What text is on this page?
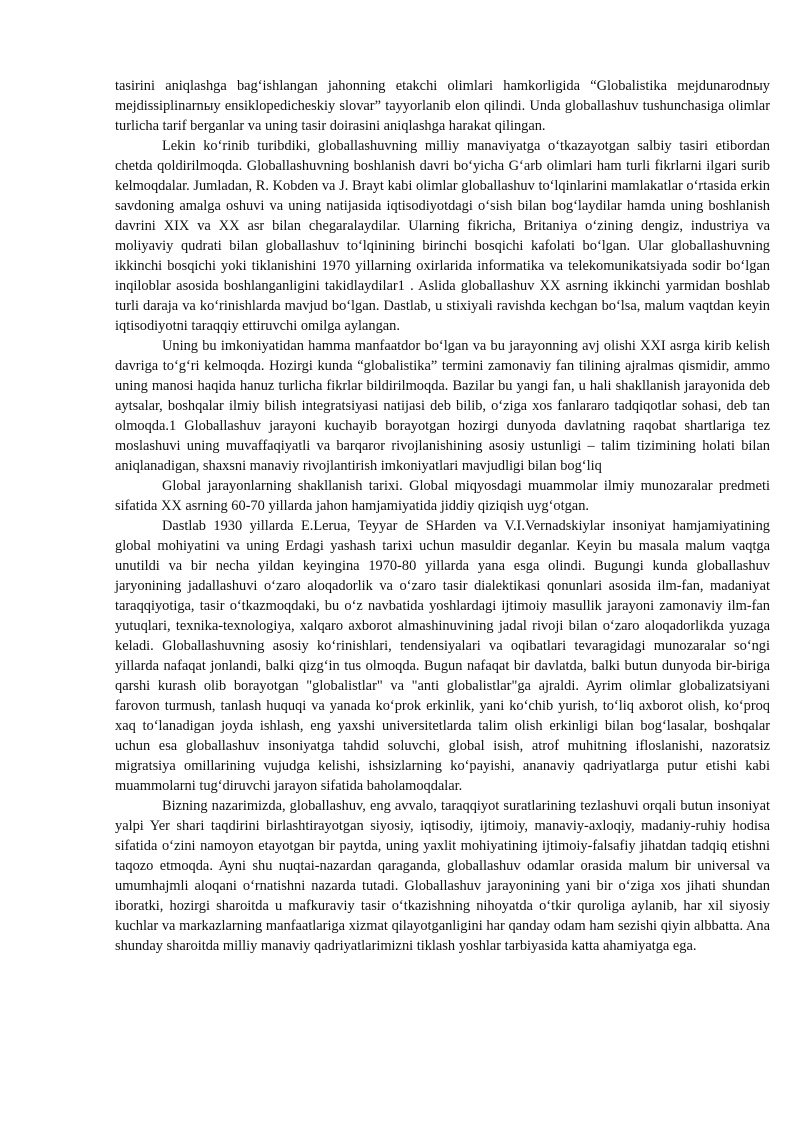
tasirini aniqlashga bag‘ishlangan jahonning etakchi olimlari hamkorligida “Globalistika mejdunarodnыy mejdissiplinarnыy ensiklopedicheskiy slovar” tayyorlanib elon qilindi. Unda globallashuv tushunchasiga olimlar turlicha tarif berganlar va uning tasir doirasini aniqlashga harakat qilingan.

Lekin ko‘rinib turibdiki, globallashuvning milliy manaviyatga o‘tkazayotgan salbiy tasiri etibordan chetda qoldirilmoqda. Globallashuvning boshlanish davri bo‘yicha G‘arb olimlari ham turli fikrlarni ilgari surib kelmoqdalar. Jumladan, R. Kobden va J. Brayt kabi olimlar globallashuv to‘lqinlarini mamlakatlar o‘rtasida erkin savdoning amalga oshuvi va uning natijasida iqtisodiyotdagi o‘sish bilan bog‘laydilar hamda uning boshlanish davrini XIX va XX asr bilan chegaralaydilar. Ularning fikricha, Britaniya o‘zining dengiz, industriya va moliyaviy qudrati bilan globallashuv to‘lqinining birinchi bosqichi kafolati bo‘lgan. Ular globallashuvning ikkinchi bosqichi yoki tiklanishini 1970 yillarning oxirlarida informatika va telekomunikatsiyada sodir bo‘lgan inqiloblar asosida boshlanganligini takidlaydilar1 . Aslida globallashuv XX asrning ikkinchi yarmidan boshlab turli daraja va ko‘rinishlarda mavjud bo‘lgan. Dastlab, u stixiyali ravishda kechgan bo‘lsa, malum vaqtdan keyin iqtisodiyotni taraqqiy ettiruvchi omilga aylangan.

Uning bu imkoniyatidan hamma manfaatdor bo‘lgan va bu jarayonning avj olishi XXI asrga kirib kelish davriga to‘g‘ri kelmoqda. Hozirgi kunda “globalistika” termini zamonaviy fan tilining ajralmas qismidir, ammo uning manosi haqida hanuz turlicha fikrlar bildirilmoqda. Bazilar bu yangi fan, u hali shakllanish jarayonida deb aytsalar, boshqalar ilmiy bilish integratsiyasi natijasi deb bilib, o‘ziga xos fanlararo tadqiqotlar sohasi, deb tan olmoqda.1 Globallashuv jarayoni kuchayib borayotgan hozirgi dunyoda davlatning raqobat shartlariga tez moslashuvi uning muvaffaqiyatli va barqaror rivojlanishining asosiy ustunligi – talim tizimining holati bilan aniqlanadigan, shaxsni manaviy rivojlantirish imkoniyatlari mavjudligi bilan bog‘liq

Global jarayonlarning shakllanish tarixi. Global miqyosdagi muammolar ilmiy munozaralar predmeti sifatida XX asrning 60-70 yillarda jahon hamjamiyatida jiddiy qiziqish uyg‘otgan.

Dastlab 1930 yillarda E.Lerua, Teyyar de SHarden va V.I.Vernadskiylar insoniyat hamjamiyatining global mohiyatini va uning Erdagi yashash tarixi uchun masuldir deganlar. Keyin bu masala malum vaqtga unutildi va bir necha yildan keyingina 1970-80 yillarda yana esga olindi. Bugungi kunda globallashuv jaryonining jadallashuvi o‘zaro aloqadorlik va o‘zaro tasir dialektikasi qonunlari asosida ilm-fan, madaniyat taraqqiyotiga, tasir o‘tkazmoqdaki, bu o‘z navbatida yoshlardagi ijtimoiy masullik jarayoni zamonaviy ilm-fan yutuqlari, texnika-texnologiya, xalqaro axborot almashinuvining jadal rivoji bilan o‘zaro aloqadorlikda yuzaga keladi. Globallashuvning asosiy ko‘rinishlari, tendensiyalari va oqibatlari tevaragidagi munozaralar so‘ngi yillarda nafaqat jonlandi, balki qizg‘in tus olmoqda. Bugun nafaqat bir davlatda, balki butun dunyoda bir-biriga qarshi kurash olib borayotgan "globalistlar" va "anti globalistlar"ga ajraldi. Ayrim olimlar globalizatsiyani farovon turmush, tanlash huquqi va yanada ko‘prok erkinlik, yani ko‘chib yurish, to‘liq axborot olish, ko‘proq xaq to‘lanadigan joyda ishlash, eng yaxshi universitetlarda talim olish erkinligi bilan bog‘lasalar, boshqalar uchun esa globallashuv insoniyatga tahdid soluvchi, global isish, atrof muhitning ifloslanishi, nazoratsiz migratsiya omillarining vujudga kelishi, ishsizlarning ko‘payishi, ananaviy qadriyatlarga putur etishi kabi muammolarni tug‘diruvchi jarayon sifatida baholamoqdalar.

Bizning nazarimizda, globallashuv, eng avvalo, taraqqiyot suratlarining tezlashuvi orqali butun insoniyat yalpi Yer shari taqdirini birlashtirayotgan siyosiy, iqtisodiy, ijtimoiy, manaviy-axloqiy, madaniy-ruhiy hodisa sifatida o‘zini namoyon etayotgan bir paytda, uning yaxlit mohiyatining ijtimoiy-falsafiy jihatdan tadqiq etishni taqozo etmoqda. Ayni shu nuqtai-nazardan qaraganda, globallashuv odamlar orasida malum bir universal va umumhajmli aloqani o‘rnatishni nazarda tutadi. Globallashuv jarayonining yani bir o‘ziga xos jihati shundan iboratki, hozirgi sharoitda u mafkuraviy tasir o‘tkazishning nihoyatda o‘tkir quroliga aylanib, har xil siyosiy kuchlar va markazlarning manfaatlariga xizmat qilayotganligini har qanday odam ham sezishi qiyin albbatta. Ana shunday sharoitda milliy manaviy qadriyatlarimizni tiklash yoshlar tarbiyasida katta ahamiyatga ega.
